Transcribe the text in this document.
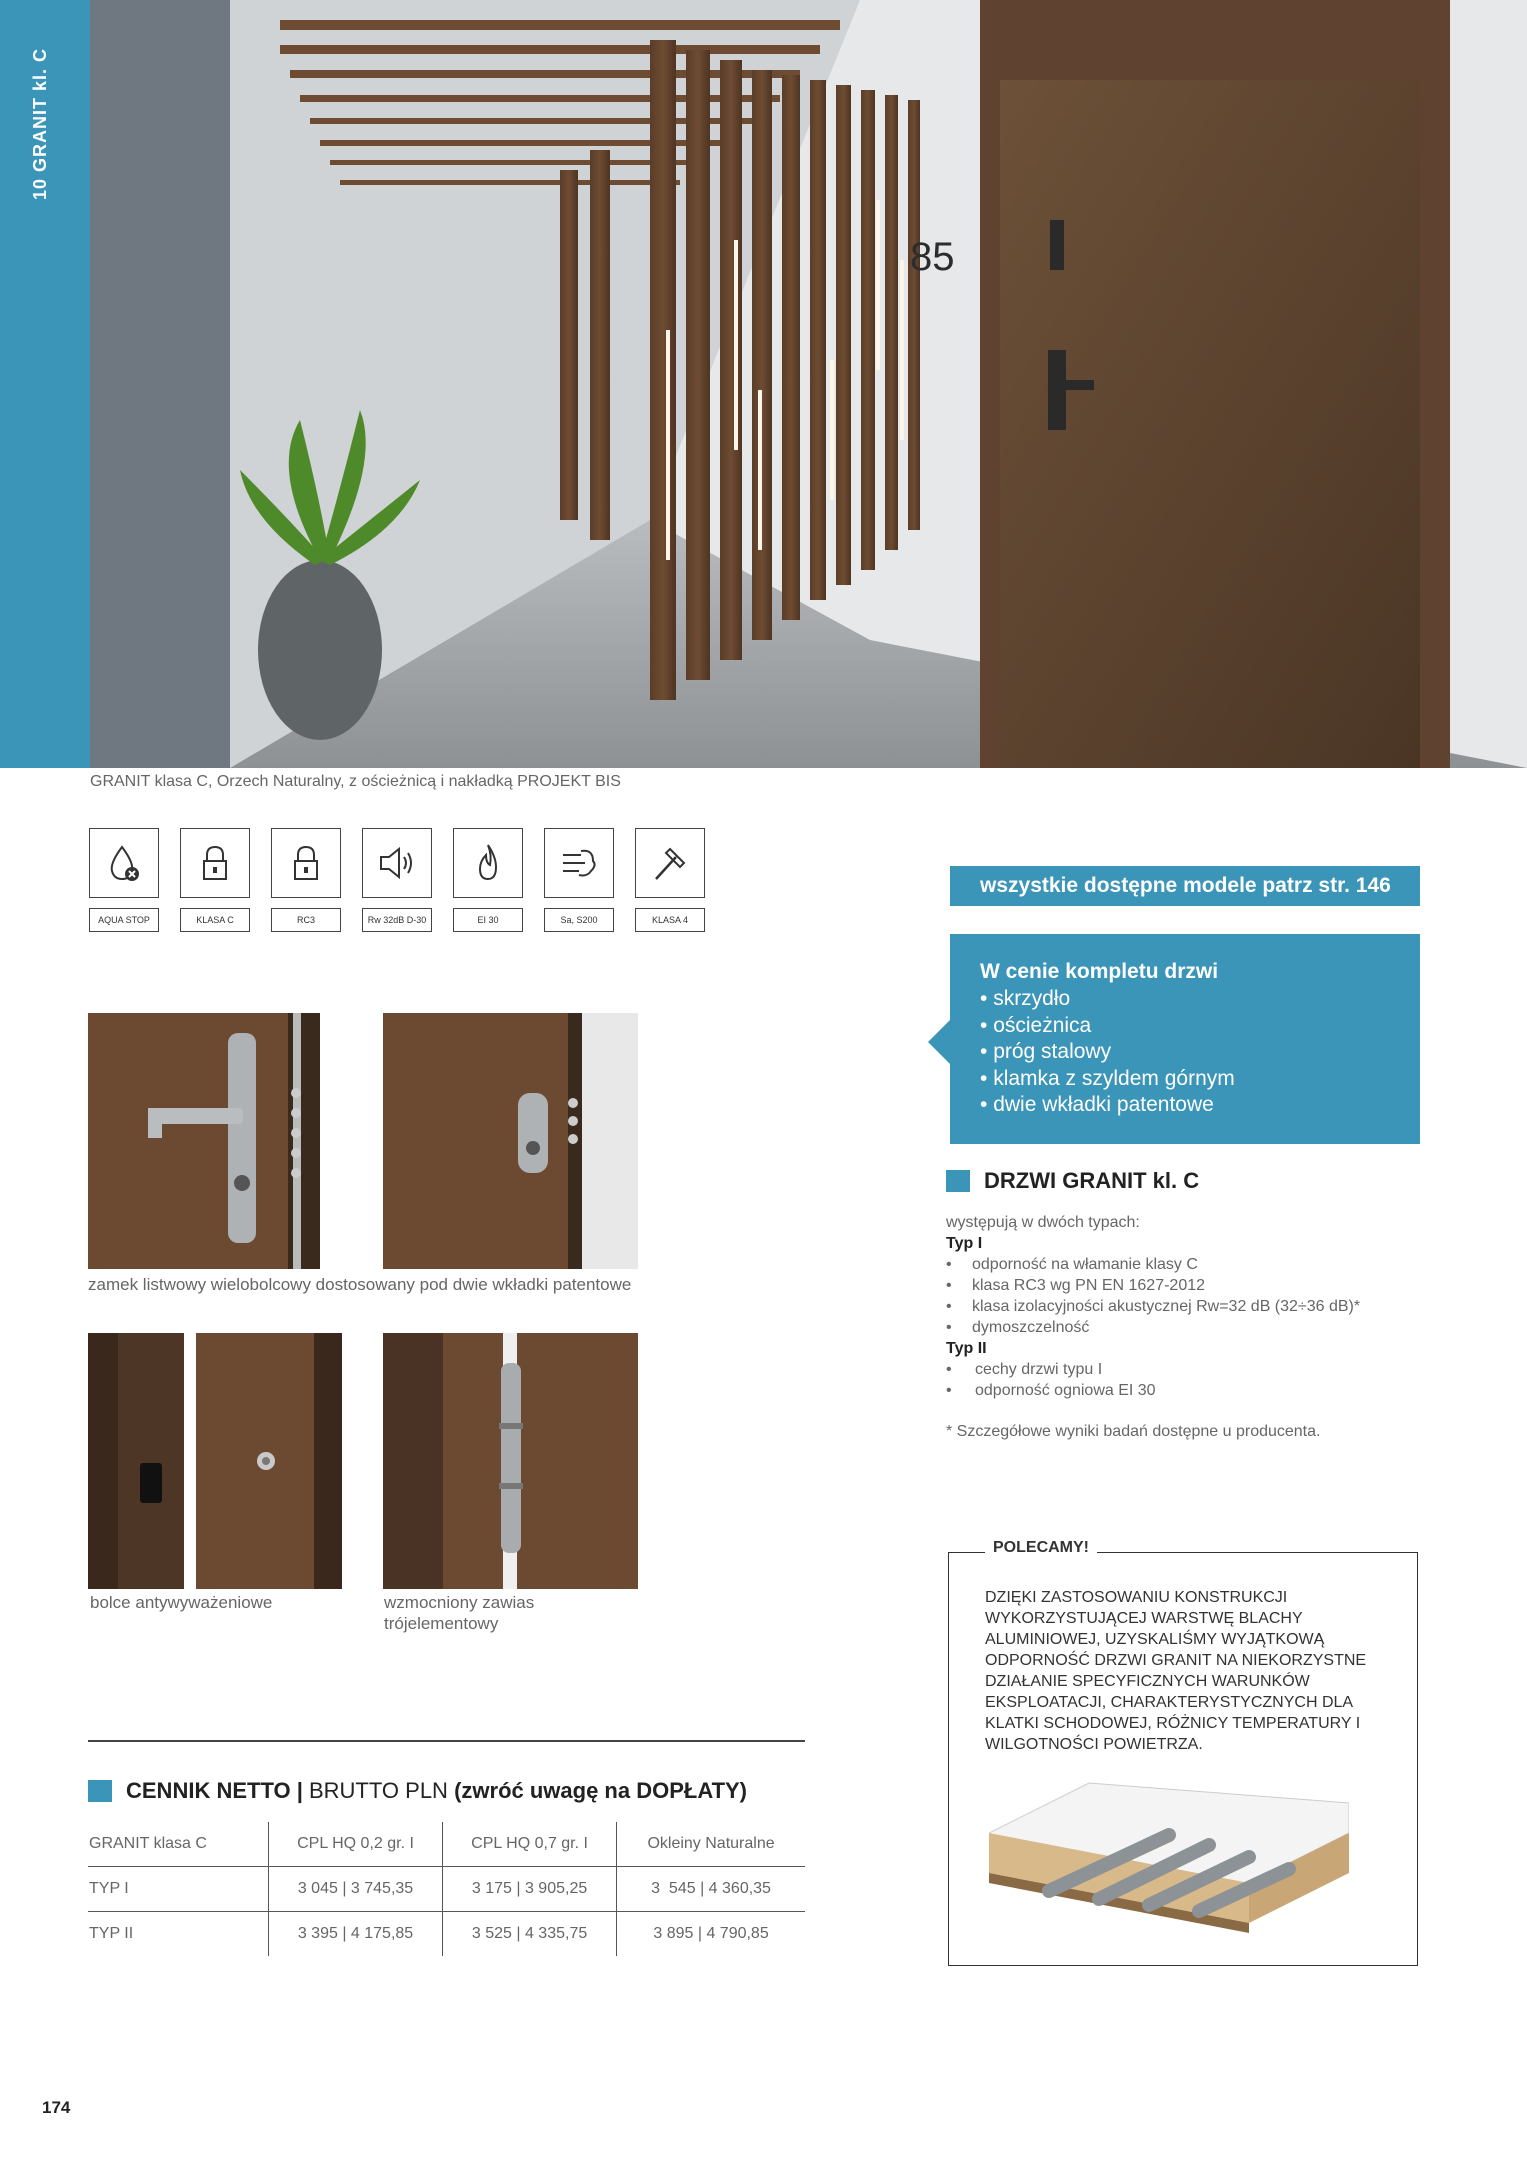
10 GRANIT kl. C
85
GRANIT klasa C, Orzech Naturalny, z ościeżnicą i nakładką PROJEKT BIS
AQUA STOP	KLASA C	RC3	Rw 32dB D-30	EI 30	Sa, S200	KLASA 4
zamek listwowy wielobolcowy dostosowany pod dwie wkładki patentowe
bolce antywyważeniowe	wzmocniony zawias trójelementowy
wszystkie dostępne modele patrz str. 146
W cenie kompletu drzwi
• skrzydło
• ościeżnica
• próg stalowy
• klamka z szyldem górnym
• dwie wkładki patentowe
DRZWI GRANIT kl. C
występują w dwóch typach:
Typ I
•	odporność na włamanie klasy C
•	klasa RC3 wg PN EN 1627-2012
•	klasa izolacyjności akustycznej Rw=32 dB (32÷36 dB)*
•	dymoszczelność
Typ II
•	cechy drzwi typu I
•	odporność ogniowa EI 30
* Szczegółowe wyniki badań dostępne u producenta.
POLECAMY!
DZIĘKI ZASTOSOWANIU KONSTRUKCJI WYKORZYSTUJĄCEJ WARSTWĘ BLACHY ALUMINIOWEJ, UZYSKALIŚMY WYJĄTKOWĄ ODPORNOŚĆ DRZWI GRANIT NA NIEKORZYSTNE DZIAŁANIE SPECYFICZNYCH WARUNKÓW EKSPLOATACJI, CHARAKTERYSTYCZNYCH DLA KLATKI SCHODOWEJ, RÓŻNICY TEMPERATURY I WILGOTNOŚCI POWIETRZA.
CENNIK NETTO | BRUTTO PLN (zwróć uwagę na DOPŁATY)
GRANIT klasa C	CPL HQ 0,2 gr. I	CPL HQ 0,7 gr. I	Okleiny Naturalne
TYP I	3 045 | 3 745,35	3 175 | 3 905,25	3  545 | 4 360,35
TYP II	3 395 | 4 175,85	3 525 | 4 335,75	3 895 | 4 790,85
174
